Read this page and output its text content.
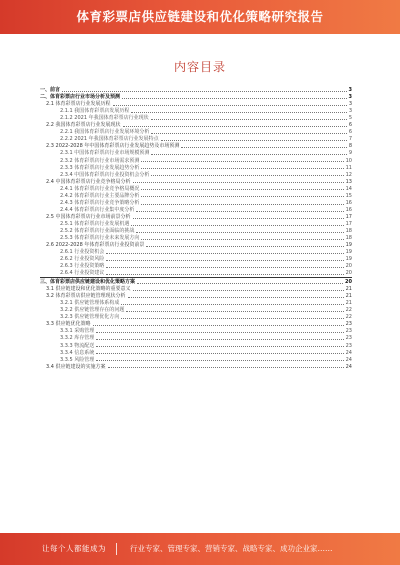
体育彩票店供应链建设和优化策略研究报告
内容目录
一、前言	3
二、体育彩票店行业市场分析及预测	3
2.1 体育彩票店行业发展历程	3
2.1.1 我国体育彩票店发展历程	3
2.1.2 2021 年我国体育彩票店行业现状	5
2.2 我国体育彩票店行业发展现状	6
2.2.1 我国体育彩票店行业发展环境分析	6
2.2.2 2021 年我国体育彩票店行业发展特点	7
2.3 2022-2028 年中国体育彩票店行业发展趋势及市场预测	8
2.3.1 中国体育彩票店行业市场规模预测	9
2.3.2 体育彩票店行业市场需求预测	10
2.3.3 体育彩票店行业发展趋势分析	11
2.3.4 中国体育彩票店行业投资机会分析	12
2.4 中国体育彩票店行业竞争格局分析	13
2.4.1 体育彩票店行业竞争格局概况	14
2.4.2 体育彩票店行业主要品牌分析	15
2.4.3 体育彩票店行业竞争策略分析	16
2.4.4 体育彩票店行业集中度分析	16
2.5 中国体育彩票店行业市场前景分析	17
2.5.1 体育彩票店行业发展机遇	17
2.5.2 体育彩票店行业面临的挑战	18
2.5.3 体育彩票店行业未来发展方向	18
2.6 2022-2028 年体育彩票店行业投资前景	19
2.6.1 行业投资机会	19
2.6.2 行业投资风险	19
2.6.3 行业投资策略	20
2.6.4 行业投资建议	20
三、体育彩票店供应链建设和优化策略方案	20
3.1 供应链建设和优化策略的重要意义	21
3.2 体育彩票店供应链管理现状分析	21
3.2.1 供应链管理体系构成	21
3.2.2 供应链管理存在的问题	22
3.2.3 供应链管理优化方向	22
3.3 供应链优化策略	23
3.3.1 采购管理	23
3.3.2 库存管理	23
3.3.3 物流配送	23
3.3.4 信息系统	24
3.3.5 风险管理	24
3.4 供应链建设的实施方案	24
让每个人都能成为	行业专家、管理专家、营销专家、战略专家、成功企业家……
